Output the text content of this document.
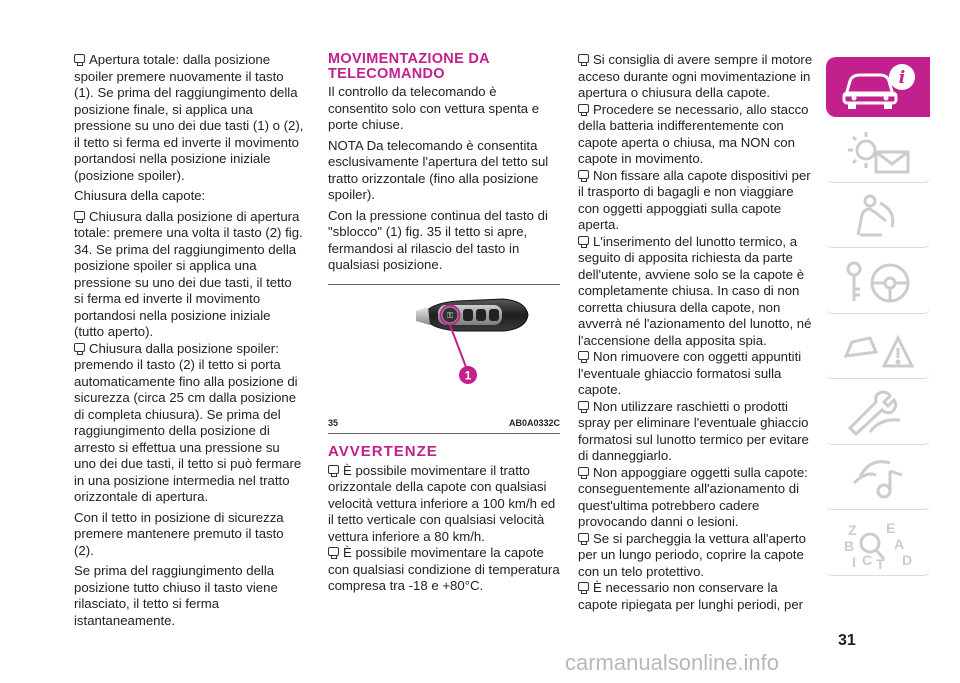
Apertura totale: dalla posizione spoiler premere nuovamente il tasto (1). Se prima del raggiungimento della posizione finale, si applica una pressione su uno dei due tasti (1) o (2), il tetto si ferma ed inverte il movimento portandosi nella posizione iniziale (posizione spoiler).

Chiusura della capote:

Chiusura dalla posizione di apertura totale: premere una volta il tasto (2) fig. 34. Se prima del raggiungimento della posizione spoiler si applica una pressione su uno dei due tasti, il tetto si ferma ed inverte il movimento portandosi nella posizione iniziale (tutto aperto).

Chiusura dalla posizione spoiler: premendo il tasto (2) il tetto si porta automaticamente fino alla posizione di sicurezza (circa 25 cm dalla posizione di completa chiusura). Se prima del raggiungimento della posizione di arresto si effettua una pressione su uno dei due tasti, il tetto si può fermare in una posizione intermedia nel tratto orizzontale di apertura.

Con il tetto in posizione di sicurezza premere mantenere premuto il tasto (2).

Se prima del raggiungimento della posizione tutto chiuso il tasto viene rilasciato, il tetto si ferma istantaneamente.

MOVIMENTAZIONE DA TELECOMANDO

Il controllo da telecomando è consentito solo con vettura spenta e porte chiuse.

NOTA Da telecomando è consentita esclusivamente l'apertura del tetto sul tratto orizzontale (fino alla posizione spoiler).

Con la pressione continua del tasto di "sblocco" (1) fig. 35 il tetto si apre, fermandosi al rilascio del tasto in qualsiasi posizione.

⚿
1
35	AB0A0332C
AVVERTENZE

È possibile movimentare il tratto orizzontale della capote con qualsiasi velocità vettura inferiore a 100 km/h ed il tetto verticale con qualsiasi velocità vettura inferiore a 80 km/h.

È possibile movimentare la capote con qualsiasi condizione di temperatura compresa tra -18 e +80°C.

Si consiglia di avere sempre il motore acceso durante ogni movimentazione in apertura o chiusura della capote.

Procedere se necessario, allo stacco della batteria indifferentemente con capote aperta o chiusa, ma NON con capote in movimento.

Non fissare alla capote dispositivi per il trasporto di bagagli e non viaggiare con oggetti appoggiati sulla capote aperta.

L'inserimento del lunotto termico, a seguito di apposita richiesta da parte dell'utente, avviene solo se la capote è completamente chiusa. In caso di non corretta chiusura della capote, non avverrà né l'azionamento del lunotto, né l'accensione della apposita spia.

Non rimuovere con oggetti appuntiti l'eventuale ghiaccio formatosi sulla capote.

Non utilizzare raschietti o prodotti spray per eliminare l'eventuale ghiaccio formatosi sul lunotto termico per evitare di danneggiarlo.

Non appoggiare oggetti sulla capote: conseguentemente all'azionamento di quest'ultima potrebbero cadere provocando danni o lesioni.

Se si parcheggia la vettura all'aperto per un lungo periodo, coprire la capote con un telo protettivo.

È necessario non conservare la capote ripiegata per lunghi periodi, per

i
Z E
A
B
I C T D
31
carmanualsonline.info
